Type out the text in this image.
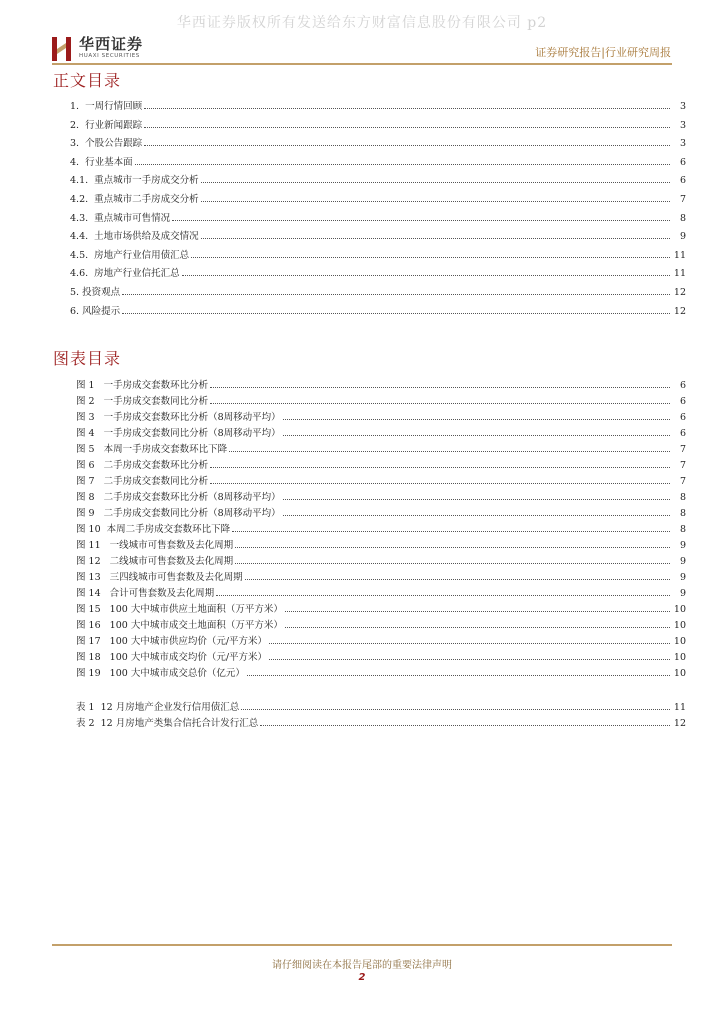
华西证券版权所有发送给东方财富信息股份有限公司 p2
华西证券
HUAXI SECURITIES	证券研究报告|行业研究周报
正文目录
1.  一周行情回顾	3
2.  行业新闻跟踪	3
3.  个股公告跟踪	3
4.  行业基本面	6
4.1.  重点城市一手房成交分析	6
4.2.  重点城市二手房成交分析	7
4.3.  重点城市可售情况	8
4.4.  土地市场供给及成交情况	9
4.5.  房地产行业信用债汇总	11
4.6.  房地产行业信托汇总	11
5. 投资观点	12
6. 风险提示	12
图表目录
图 1   一手房成交套数环比分析	6
图 2   一手房成交套数同比分析	6
图 3   一手房成交套数环比分析（8周移动平均）	6
图 4   一手房成交套数同比分析（8周移动平均）	6
图 5   本周一手房成交套数环比下降	7
图 6   二手房成交套数环比分析	7
图 7   二手房成交套数同比分析	7
图 8   二手房成交套数环比分析（8周移动平均）	8
图 9   二手房成交套数同比分析（8周移动平均）	8
图 10  本周二手房成交套数环比下降	8
图 11   一线城市可售套数及去化周期	9
图 12   二线城市可售套数及去化周期	9
图 13   三四线城市可售套数及去化周期	9
图 14   合计可售套数及去化周期	9
图 15   100 大中城市供应土地面积（万平方米）	10
图 16   100 大中城市成交土地面积（万平方米）	10
图 17   100 大中城市供应均价（元/平方米）	10
图 18   100 大中城市成交均价（元/平方米）	10
图 19   100 大中城市成交总价（亿元）	10
表 1  12 月房地产企业发行信用债汇总	11
表 2  12 月房地产类集合信托合计发行汇总	12
请仔细阅读在本报告尾部的重要法律声明
2
